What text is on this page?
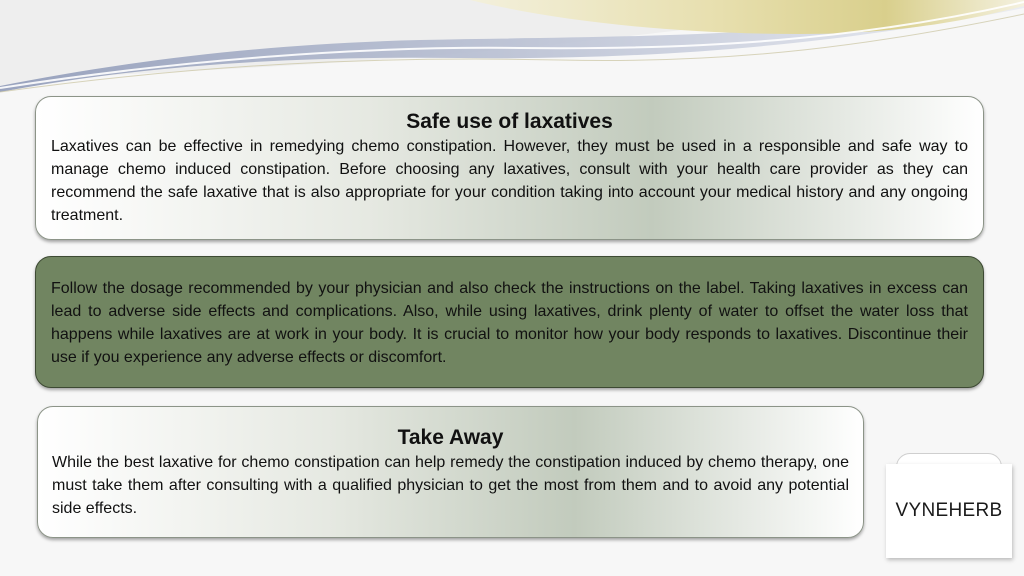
Safe use of laxatives

Laxatives can be effective in remedying chemo constipation. However, they must be used in a responsible and safe way to manage chemo induced constipation. Before choosing any laxatives, consult with your health care provider as they can recommend the safe laxative that is also appropriate for your condition taking into account your medical history and any ongoing treatment.

Follow the dosage recommended by your physician and also check the instructions on the label. Taking laxatives in excess can lead to adverse side effects and complications. Also, while using laxatives, drink plenty of water to offset the water loss that happens while laxatives are at work in your body. It is crucial to monitor how your body responds to laxatives. Discontinue their use if you experience any adverse effects or discomfort.

Take Away

While the best laxative for chemo constipation can help remedy the constipation induced by chemo therapy, one must take them after consulting with a qualified physician to get the most from them and to avoid any potential side effects.	VYNEHERB
